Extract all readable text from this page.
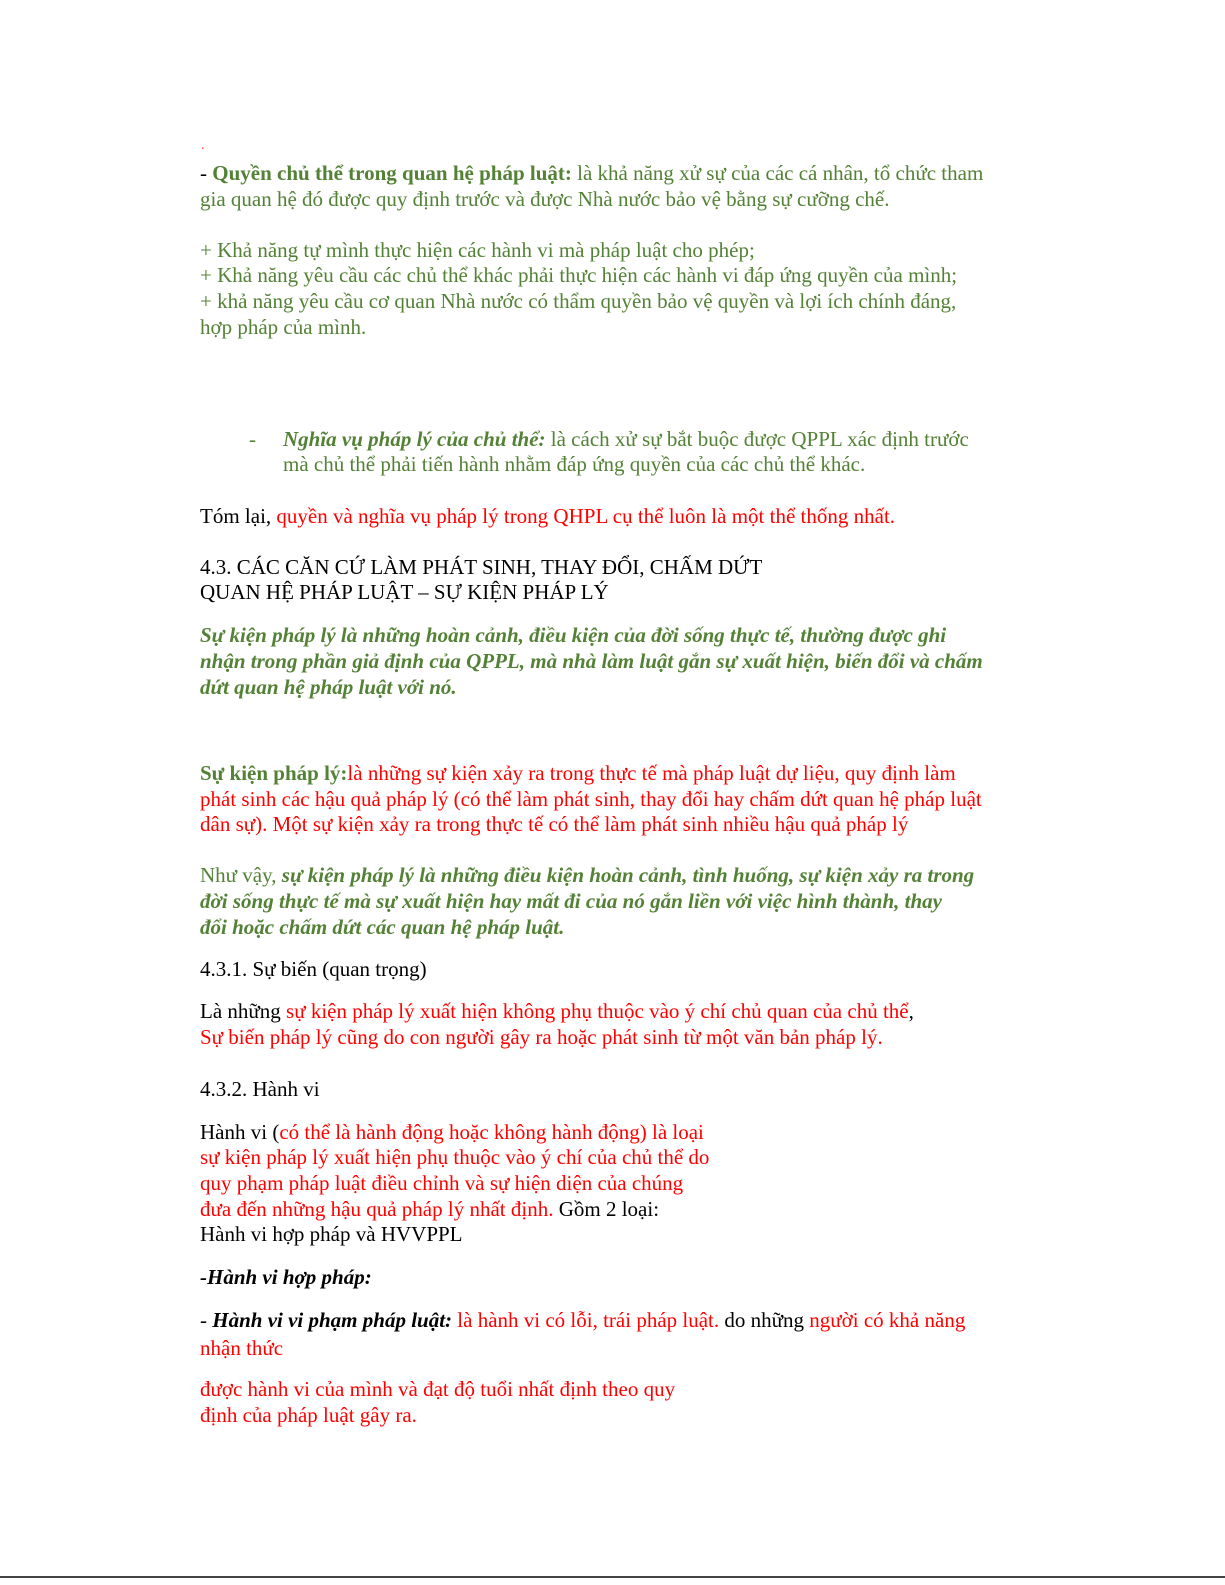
.

- Quyền chủ thể trong quan hệ pháp luật: là khả năng xử sự của các cá nhân, tổ chức tham

gia quan hệ đó được quy định trước và được Nhà nước bảo vệ bằng sự cưỡng chế.

+ Khả năng tự mình thực hiện các hành vi mà pháp luật cho phép;

+ Khả năng yêu cầu các chủ thể khác phải thực hiện các hành vi đáp ứng quyền của mình;

+ khả năng yêu cầu cơ quan Nhà nước có thẩm quyền bảo vệ quyền và lợi ích chính đáng,

hợp pháp của mình.

- Nghĩa vụ pháp lý của chủ thể: là cách xử sự bắt buộc được QPPL xác định trước

mà chủ thể phải tiến hành nhằm đáp ứng quyền của các chủ thể khác.

Tóm lại, quyền và nghĩa vụ pháp lý trong QHPL cụ thể luôn là một thể thống nhất.

4.3. CÁC CĂN CỨ LÀM PHÁT SINH, THAY ĐỔI, CHẤM DỨT

QUAN HỆ PHÁP LUẬT – SỰ KIỆN PHÁP LÝ

Sự kiện pháp lý là những hoàn cảnh, điều kiện của đời sống thực tế, thường được ghi

nhận trong phần giả định của QPPL, mà nhà làm luật gắn sự xuất hiện, biến đổi và chấm

dứt quan hệ pháp luật với nó.

Sự kiện pháp lý:là những sự kiện xảy ra trong thực tế mà pháp luật dự liệu, quy định làm

phát sinh các hậu quả pháp lý (có thể làm phát sinh, thay đổi hay chấm dứt quan hệ pháp luật

dân sự). Một sự kiện xảy ra trong thực tế có thể làm phát sinh nhiều hậu quả pháp lý

Như vậy, sự kiện pháp lý là những điều kiện hoàn cảnh, tình huống, sự kiện xảy ra trong

đời sống thực tế mà sự xuất hiện hay mất đi của nó gắn liền với việc hình thành, thay

đổi hoặc chấm dứt các quan hệ pháp luật.

4.3.1. Sự biến (quan trọng)

Là những sự kiện pháp lý xuất hiện không phụ thuộc vào ý chí chủ quan của chủ thể,

Sự biến pháp lý cũng do con người gây ra hoặc phát sinh từ một văn bản pháp lý.

4.3.2. Hành vi

Hành vi (có thể là hành động hoặc không hành động) là loại

sự kiện pháp lý xuất hiện phụ thuộc vào ý chí của chủ thể do

quy phạm pháp luật điều chỉnh và sự hiện diện của chúng

đưa đến những hậu quả pháp lý nhất định. Gồm 2 loại:

Hành vi hợp pháp và HVVPPL

-Hành vi hợp pháp:

- Hành vi vi phạm pháp luật: là hành vi có lỗi, trái pháp luật. do những người có khả năng

nhận thức

được hành vi của mình và đạt độ tuổi nhất định theo quy

định của pháp luật gây ra.
